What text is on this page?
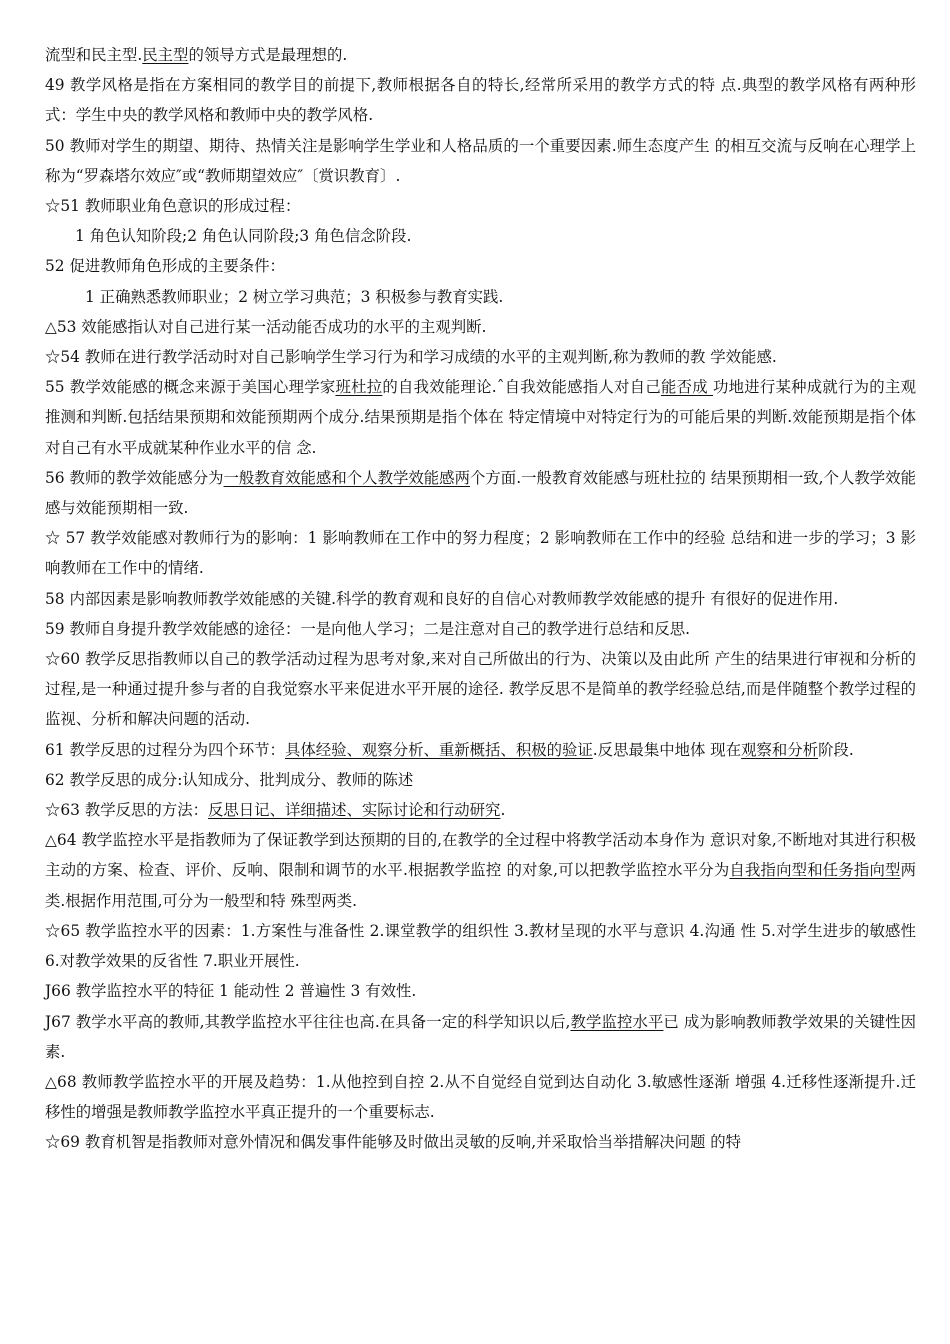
流型和民主型.民主型的领导方式是最理想的.

49 教学风格是指在方案相同的教学目的前提下,教师根据各自的特长,经常所采用的教学方式的特 点.典型的教学风格有两种形式：学生中央的教学风格和教师中央的教学风格.

50 教师对学生的期望、期待、热情关注是影响学生学业和人格品质的一个重要因素.师生态度产生 的相互交流与反响在心理学上称为“罗森塔尔效应″或“教师期望效应″〔赏识教育〕.

☆51 教师职业角色意识的形成过程：

1 角色认知阶段;2 角色认同阶段;3 角色信念阶段.

52 促进教师角色形成的主要条件：

1 正确熟悉教师职业；2 树立学习典范；3 积极参与教育实践.

△53 效能感指认对自己进行某一活动能否成功的水平的主观判断.

☆54 教师在进行教学活动时对自己影响学生学习行为和学习成绩的水平的主观判断,称为教师的教 学效能感.

55 教学效能感的概念来源于美国心理学家班杜拉的自我效能理论.ˆ自我效能感指人对自己能否成 功地进行某种成就行为的主观推测和判断.包括结果预期和效能预期两个成分.结果预期是指个体在 特定情境中对特定行为的可能后果的判断.效能预期是指个体对自己有水平成就某种作业水平的信 念.

56 教师的教学效能感分为一般教育效能感和个人教学效能感两个方面.一般教育效能感与班杜拉的 结果预期相一致,个人教学效能感与效能预期相一致.

☆ 57 教学效能感对教师行为的影响：1 影响教师在工作中的努力程度；2 影响教师在工作中的经验 总结和进一步的学习；3 影响教师在工作中的情绪.

58 内部因素是影响教师教学效能感的关键.科学的教育观和良好的自信心对教师教学效能感的提升 有很好的促进作用.

59 教师自身提升教学效能感的途径：一是向他人学习；二是注意对自己的教学进行总结和反思.

☆60 教学反思指教师以自己的教学活动过程为思考对象,来对自己所做出的行为、决策以及由此所 产生的结果进行审视和分析的过程,是一种通过提升参与者的自我觉察水平来促进水平开展的途径. 教学反思不是简单的教学经验总结,而是伴随整个教学过程的监视、分析和解决问题的活动.

61 教学反思的过程分为四个环节：具体经验、观察分析、重新概括、积极的验证.反思最集中地体 现在观察和分析阶段.

62 教学反思的成分:认知成分、批判成分、教师的陈述

☆63 教学反思的方法：反思日记、详细描述、实际讨论和行动研究.

△64 教学监控水平是指教师为了保证教学到达预期的目的,在教学的全过程中将教学活动本身作为 意识对象,不断地对其进行积极主动的方案、检查、评价、反响、限制和调节的水平.根据教学监控 的对象,可以把教学监控水平分为自我指向型和任务指向型两类.根据作用范围,可分为一般型和特 殊型两类.

☆65 教学监控水平的因素：1.方案性与准备性 2.课堂教学的组织性 3.教材呈现的水平与意识 4.沟通 性 5.对学生进步的敏感性 6.对教学效果的反省性 7.职业开展性.

J66 教学监控水平的特征 1 能动性 2 普遍性 3 有效性.

J67 教学水平高的教师,其教学监控水平往往也高.在具备一定的科学知识以后,教学监控水平已 成为影响教师教学效果的关键性因素.

△68 教师教学监控水平的开展及趋势：1.从他控到自控 2.从不自觉经自觉到达自动化 3.敏感性逐渐 增强 4.迁移性逐渐提升.迁移性的增强是教师教学监控水平真正提升的一个重要标志.

☆69 教育机智是指教师对意外情况和偶发事件能够及时做出灵敏的反响,并采取恰当举措解决问题 的特
